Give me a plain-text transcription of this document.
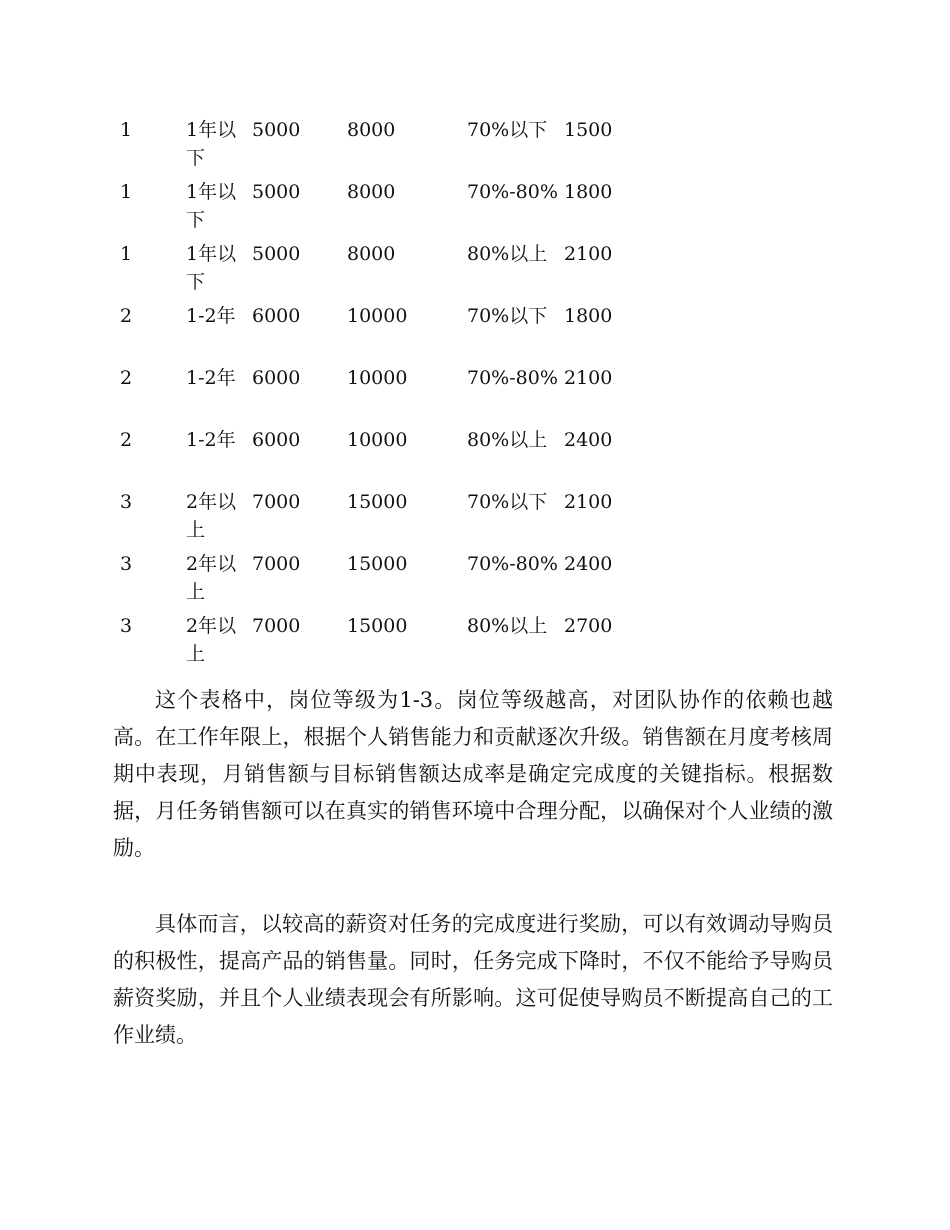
1	1年以下	5000	8000	70%以下	1500
1	1年以下	5000	8000	70%-80%	1800
1	1年以下	5000	8000	80%以上	2100
2	1-2年	6000	10000	70%以下	1800
2	1-2年	6000	10000	70%-80%	2100
2	1-2年	6000	10000	80%以上	2400
3	2年以上	7000	15000	70%以下	2100
3	2年以上	7000	15000	70%-80%	2400
3	2年以上	7000	15000	80%以上	2700

这个表格中，岗位等级为1-3。岗位等级越高，对团队协作的依赖也越高。在工作年限上，根据个人销售能力和贡献逐次升级。销售额在月度考核周期中表现，月销售额与目标销售额达成率是确定完成度的关键指标。根据数据，月任务销售额可以在真实的销售环境中合理分配，以确保对个人业绩的激励。

具体而言，以较高的薪资对任务的完成度进行奖励，可以有效调动导购员的积极性，提高产品的销售量。同时，任务完成下降时，不仅不能给予导购员薪资奖励，并且个人业绩表现会有所影响。这可促使导购员不断提高自己的工作业绩。
